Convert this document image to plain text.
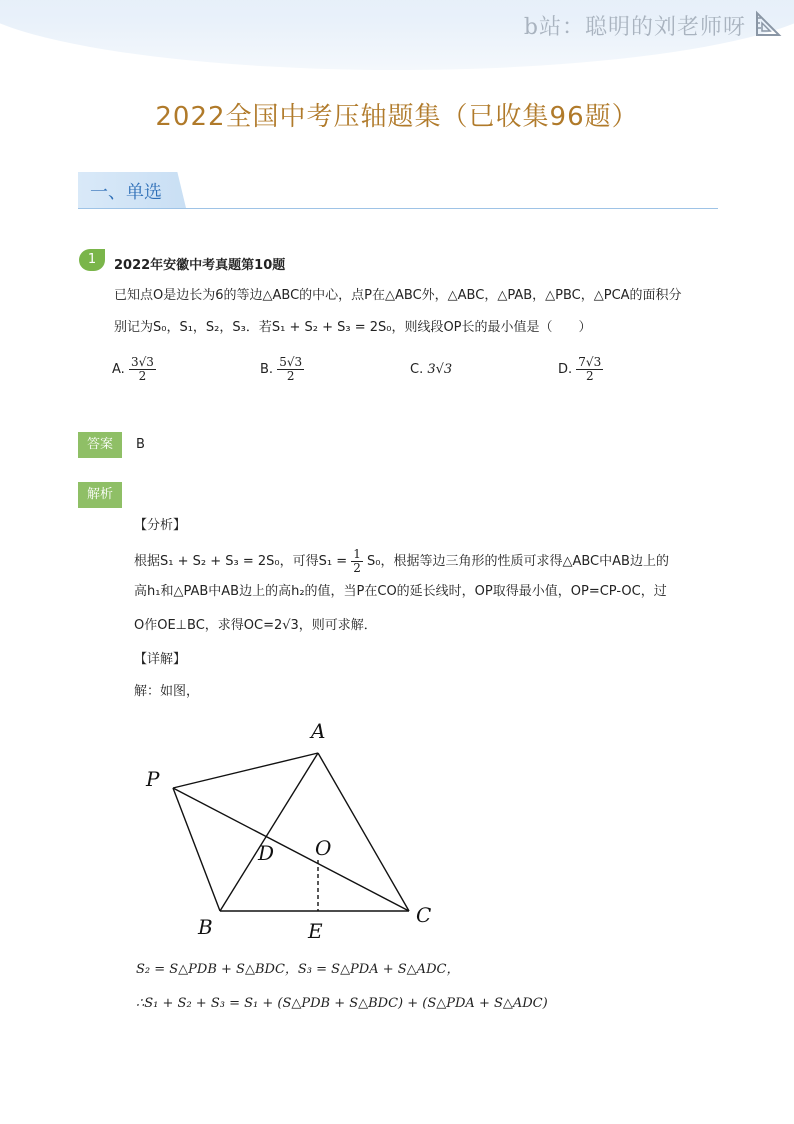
b站：聪明的刘老师呀
2022全国中考压轴题集（已收集96题）
一、单选
1	2022年安徽中考真题第10题
已知点O是边长为6的等边△ABC的中心，点P在△ABC外，△ABC，△PAB，△PBC，△PCA的面积分
别记为S₀，S₁，S₂，S₃．若S₁ + S₂ + S₃ = 2S₀，则线段OP长的最小值是（　　）
A. $\frac{3√3}{2}$	B. $\frac{5√3}{2}$	C. 3√3	D. $\frac{7√3}{2}$
答案	B
解析
【分析】
根据S₁ + S₂ + S₃ = 2S₀，可得$S_1 = \frac{1}{2} S_0$，根据等边三角形的性质可求得△ABC中AB边上的
高h₁和△PAB中AB边上的高h₂的值，当P在CO的延长线时，OP取得最小值，OP=CP-OC，过
O作OE⊥BC，求得OC=2√3，则可求解．
【详解】
解：如图，
A
P
D O
B	E
C
S₂ = S△PDB + S△BDC，S₃ = S△PDA + S△ADC，
∴S₁ + S₂ + S₃ = S₁ + (S△PDB + S△BDC) + (S△PDA + S△ADC)
